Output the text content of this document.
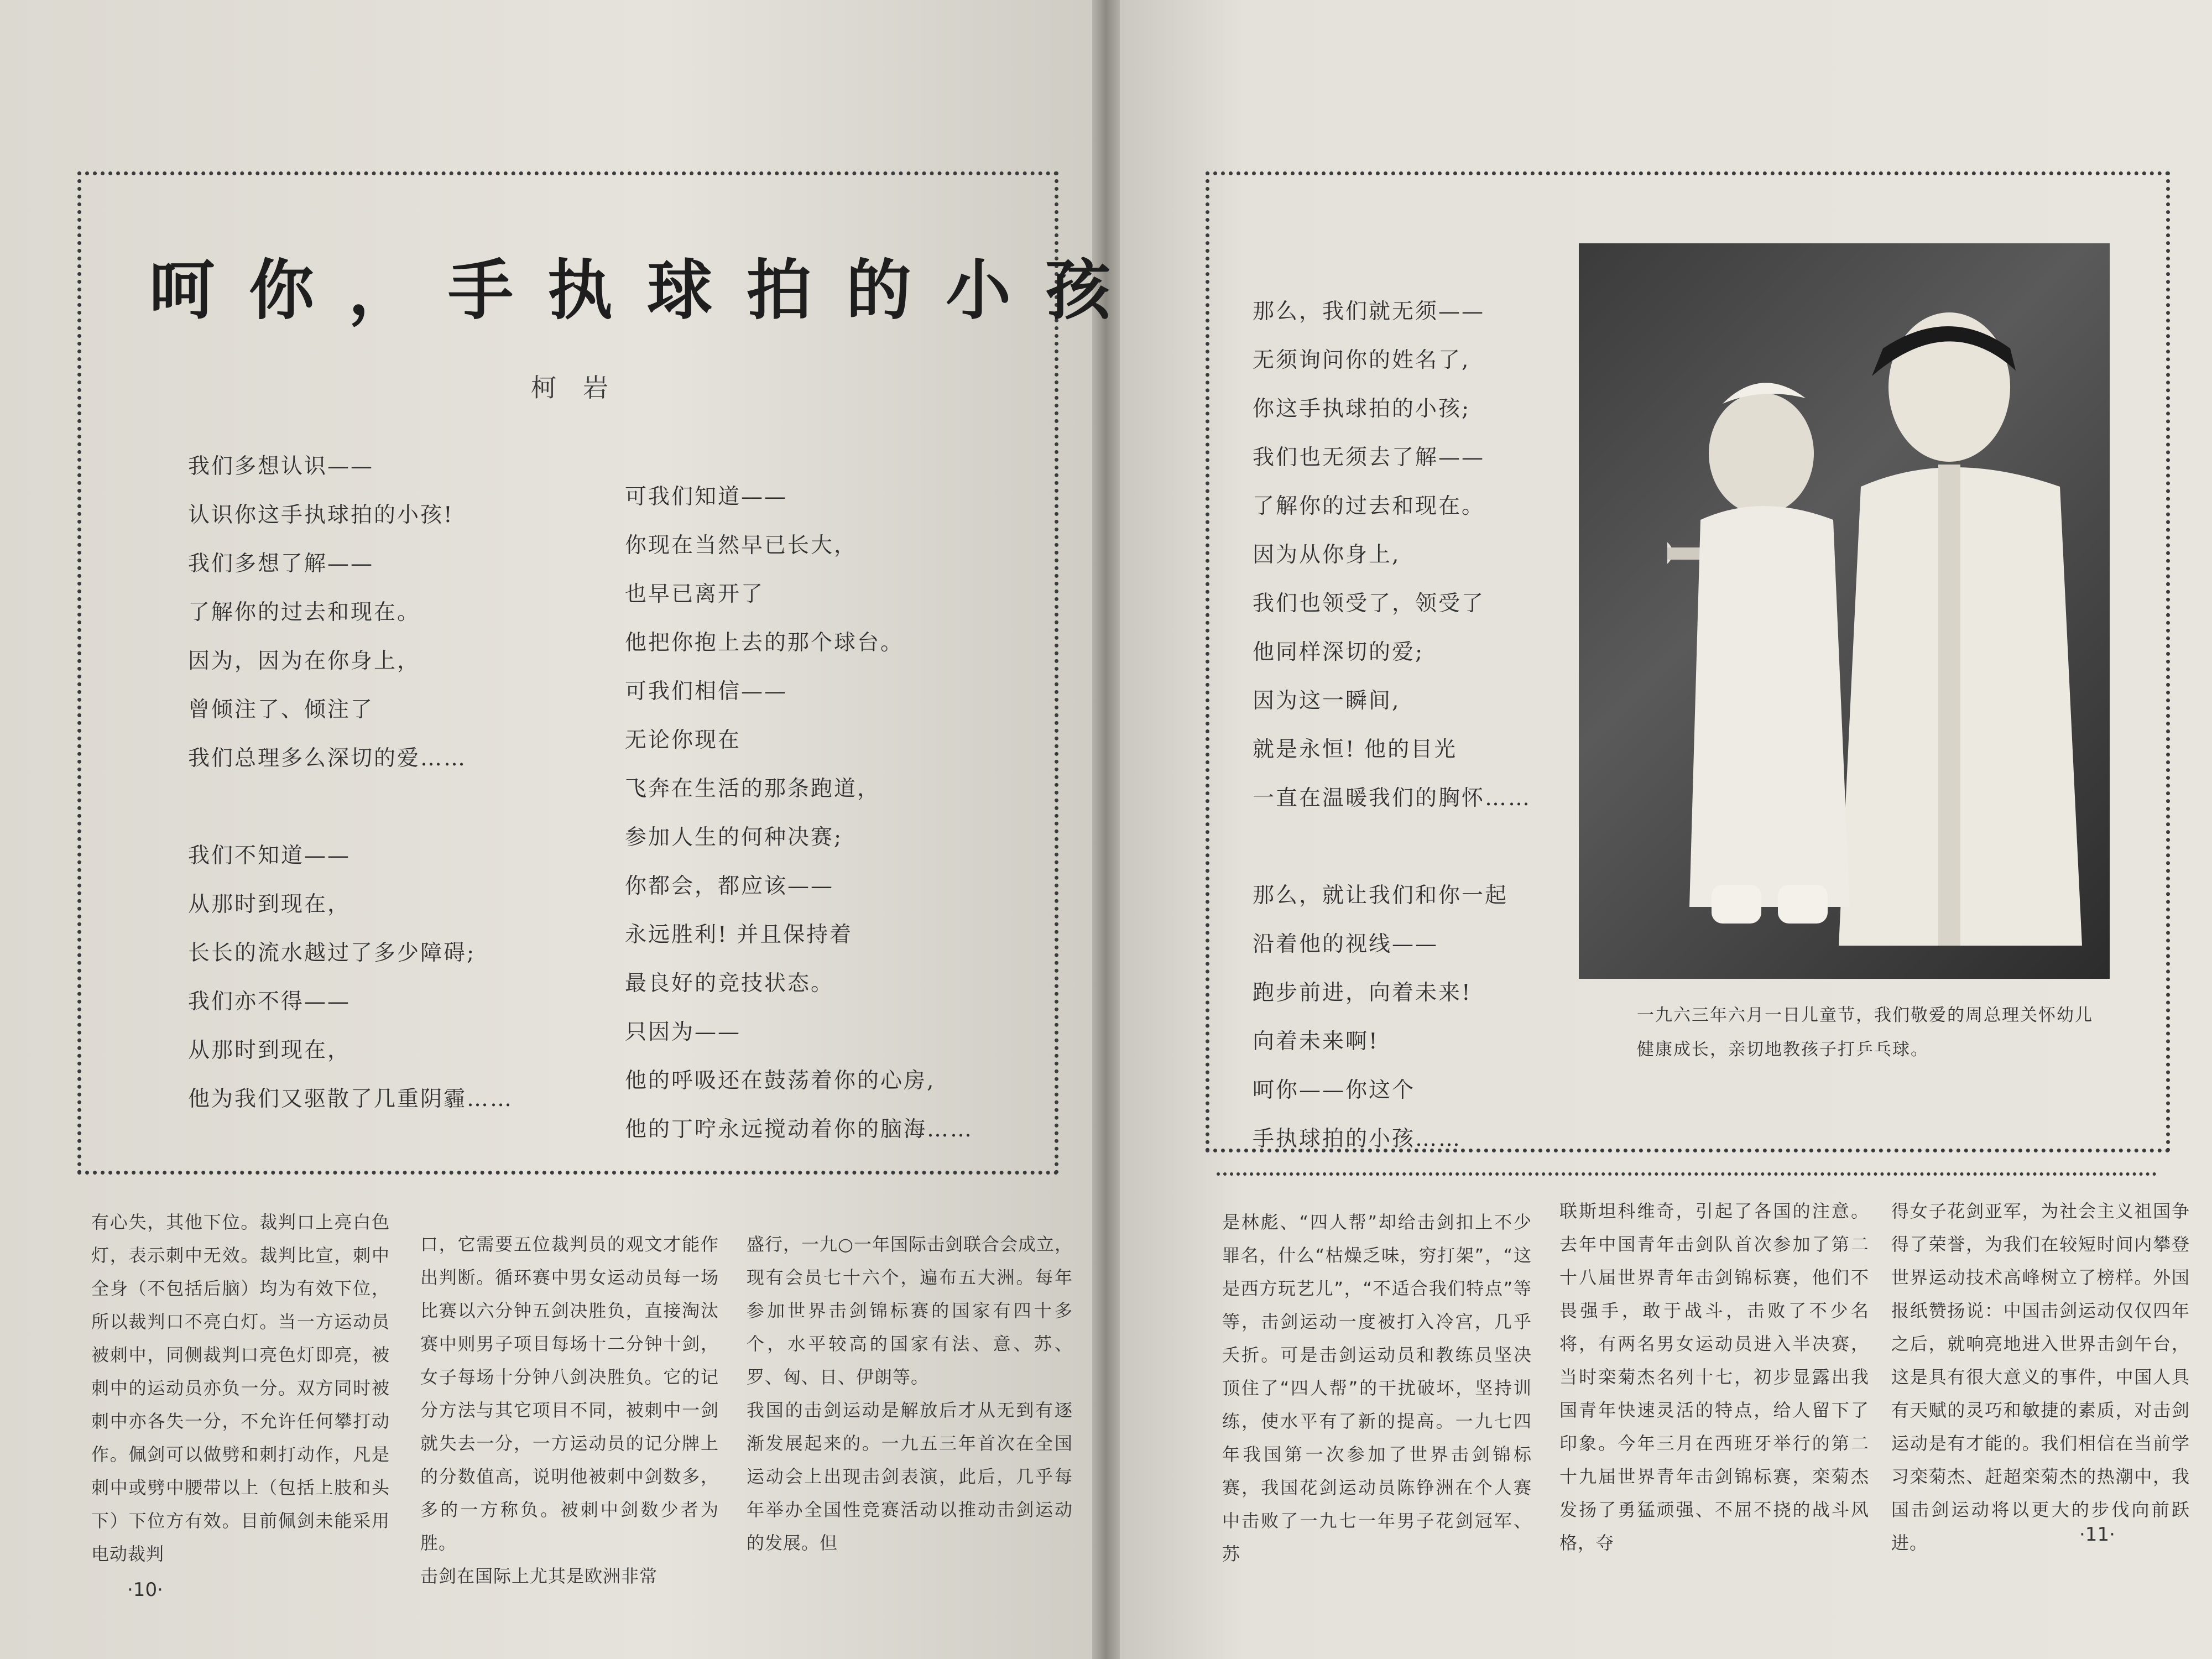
呵你，手执球拍的小孩
柯岩
我们多想认识——
认识你这手执球拍的小孩!
我们多想了解——
了解你的过去和现在。
因为，因为在你身上，
曾倾注了、倾注了
我们总理多么深切的爱……
我们不知道——
从那时到现在，
长长的流水越过了多少障碍;
我们亦不得——
从那时到现在，
他为我们又驱散了几重阴霾……
可我们知道——
你现在当然早已长大，
也早已离开了
他把你抱上去的那个球台。
可我们相信——
无论你现在
飞奔在生活的那条跑道，
参加人生的何种决赛;
你都会，都应该——
永远胜利! 并且保持着
最良好的竞技状态。
只因为——
他的呼吸还在鼓荡着你的心房,
他的丁咛永远搅动着你的脑海……
有心失，其他下位。裁判口上亮白色灯，表示刺中无效。裁判比宣，刺中全身（不包括后脑）均为有效下位，所以裁判口不亮白灯。当一方运动员被刺中，同侧裁判口亮色灯即亮，被刺中的运动员亦负一分。双方同时被刺中亦各失一分，不允许任何攀打动作。佩剑可以做劈和刺打动作，凡是刺中或劈中腰带以上（包括上肢和头下）下位方有效。目前佩剑未能采用电动裁判
口，它需要五位裁判员的观文才能作出判断。循环赛中男女运动员每一场比赛以六分钟五剑决胜负，直接淘汰赛中则男子项目每场十二分钟十剑，女子每场十分钟八剑决胜负。它的记分方法与其它项目不同，被刺中一剑就失去一分，一方运动员的记分牌上的分数值高，说明他被刺中剑数多，多的一方称负。被刺中剑数少者为胜。
击剑在国际上尤其是欧洲非常
盛行，一九○一年国际击剑联合会成立，现有会员七十六个，遍布五大洲。每年参加世界击剑锦标赛的国家有四十多个，水平较高的国家有法、意、苏、罗、匈、日、伊朗等。
我国的击剑运动是解放后才从无到有逐渐发展起来的。一九五三年首次在全国运动会上出现击剑表演，此后，几乎每年举办全国性竞赛活动以推动击剑运动的发展。但
·10·
那么，我们就无须——
无须询问你的姓名了,
你这手执球拍的小孩;
我们也无须去了解——
了解你的过去和现在。
因为从你身上,
我们也领受了，领受了
他同样深切的爱;
因为这一瞬间,
就是永恒! 他的目光
一直在温暖我们的胸怀……
那么，就让我们和你一起
沿着他的视线——
跑步前进，向着未来!
向着未来啊!
呵你——你这个
手执球拍的小孩……
一九六三年六月一日儿童节，我们敬爱的周总理关怀幼儿健康成长，亲切地教孩子打乒乓球。
是林彪、“四人帮”却给击剑扣上不少罪名，什么“枯燥乏味，穷打架”，“这是西方玩艺儿”，“不适合我们特点”等等，击剑运动一度被打入冷宫，几乎夭折。可是击剑运动员和教练员坚决顶住了“四人帮”的干扰破坏，坚持训练，使水平有了新的提高。一九七四年我国第一次参加了世界击剑锦标赛，我国花剑运动员陈铮洲在个人赛中击败了一九七一年男子花剑冠军、苏
联斯坦科维奇，引起了各国的注意。去年中国青年击剑队首次参加了第二十八届世界青年击剑锦标赛，他们不畏强手，敢于战斗，击败了不少名将，有两名男女运动员进入半决赛，当时栾菊杰名列十七，初步显露出我国青年快速灵活的特点，给人留下了印象。今年三月在西班牙举行的第二十九届世界青年击剑锦标赛，栾菊杰发扬了勇猛顽强、不屈不挠的战斗风格，夺
得女子花剑亚军，为社会主义祖国争得了荣誉，为我们在较短时间内攀登世界运动技术高峰树立了榜样。外国报纸赞扬说：中国击剑运动仅仅四年之后，就响亮地进入世界击剑午台，这是具有很大意义的事件，中国人具有天赋的灵巧和敏捷的素质，对击剑运动是有才能的。我们相信在当前学习栾菊杰、赶超栾菊杰的热潮中，我国击剑运动将以更大的步伐向前跃进。	·11·
